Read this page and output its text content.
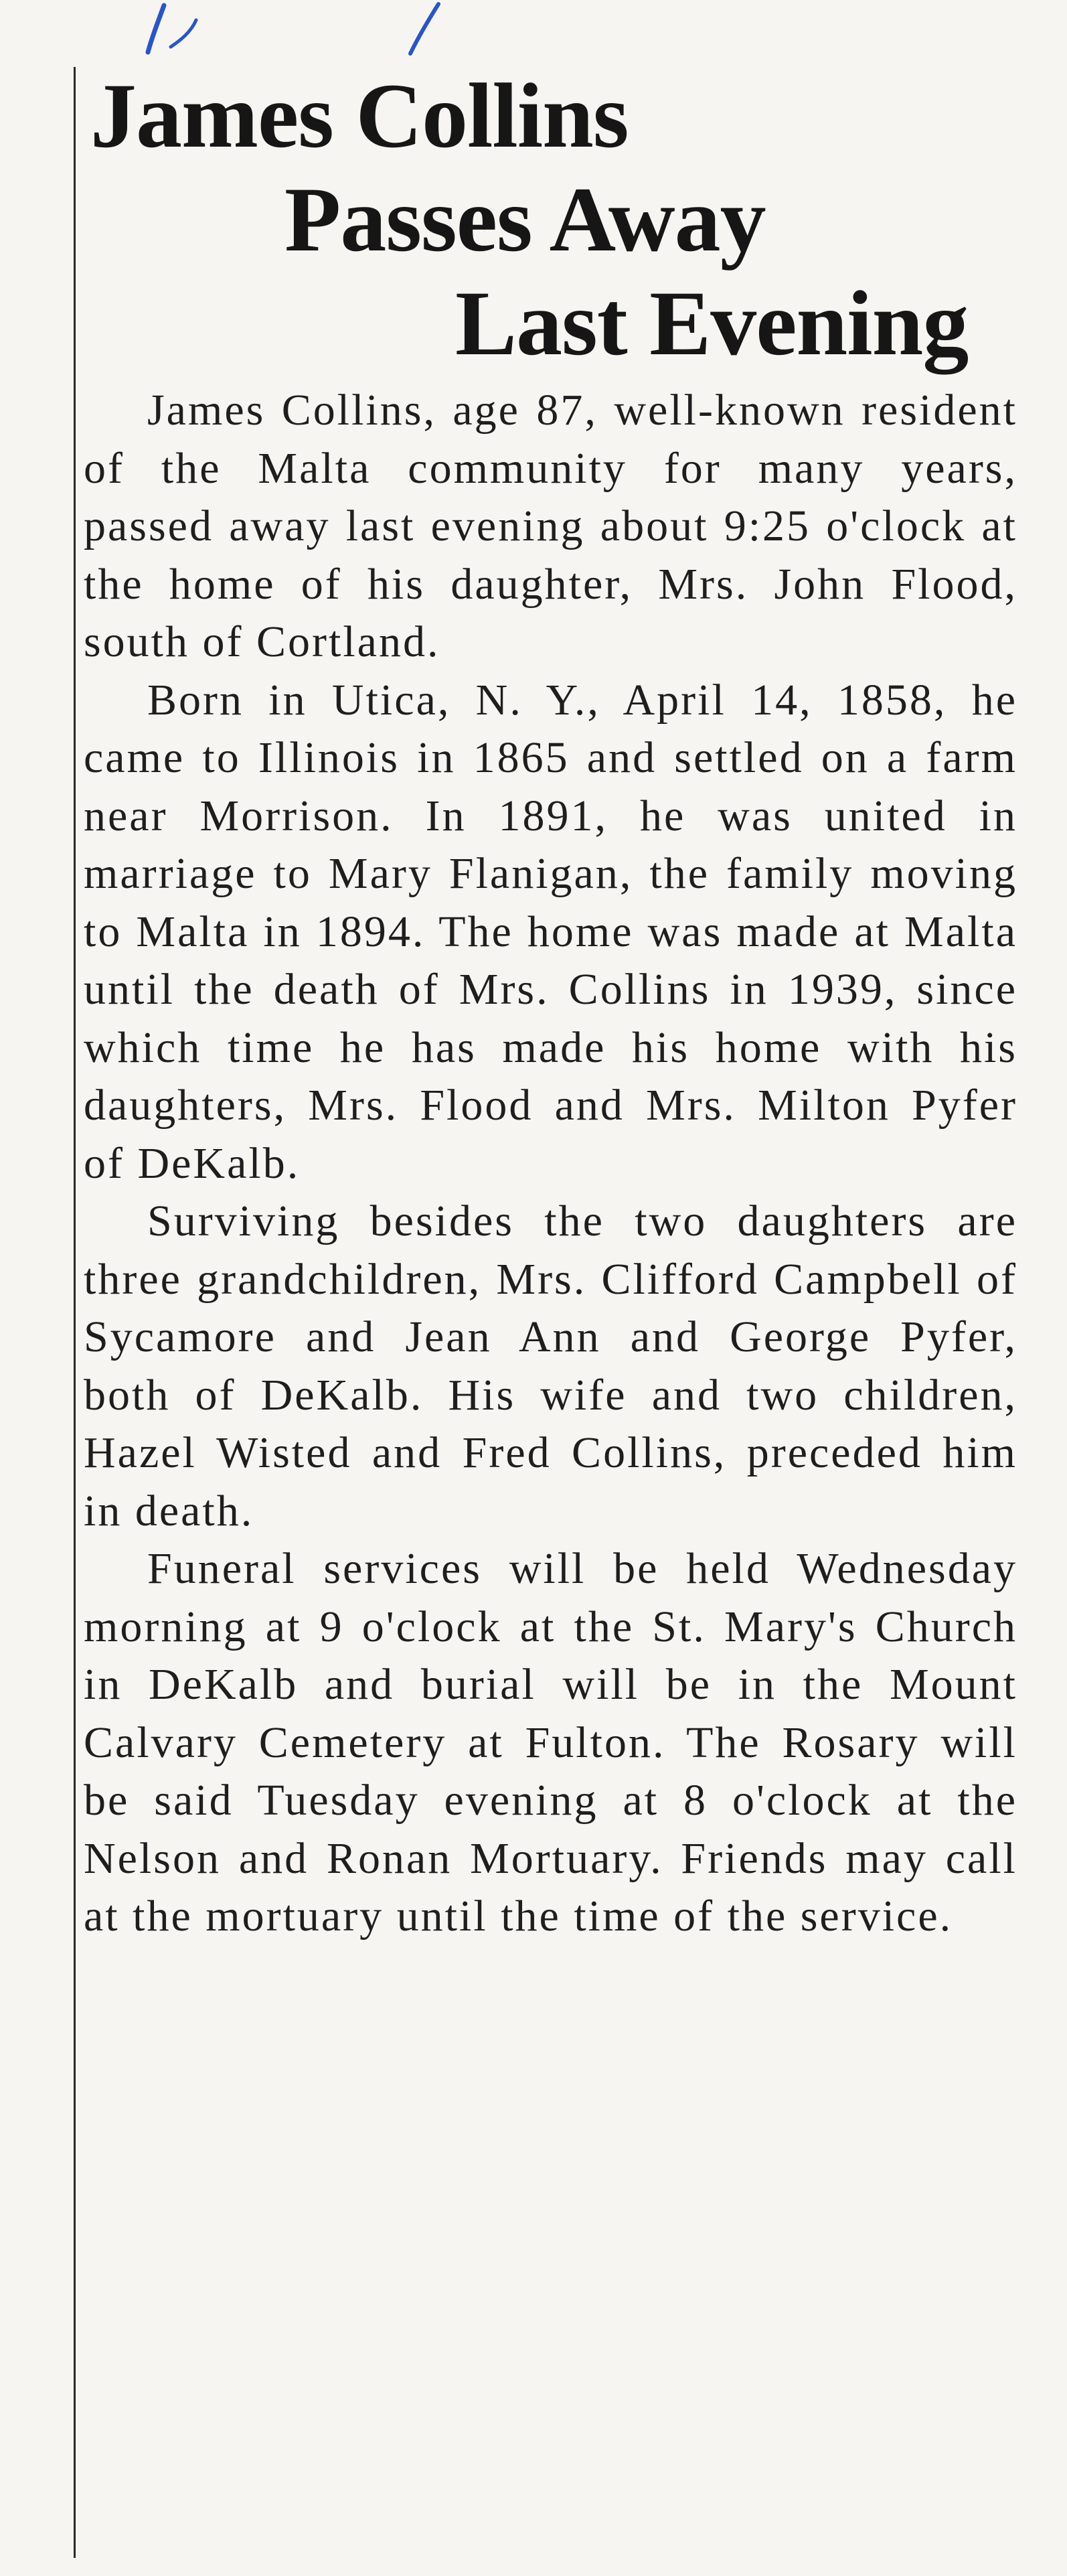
James Collins
Passes Away
Last Evening

James Collins, age 87, well-known resident of the Malta community for many years, passed away last evening about 9:25 o'clock at the home of his daughter, Mrs. John Flood, south of Cortland.

Born in Utica, N. Y., April 14, 1858, he came to Illinois in 1865 and settled on a farm near Morrison. In 1891, he was united in marriage to Mary Flanigan, the family moving to Malta in 1894. The home was made at Malta until the death of Mrs. Collins in 1939, since which time he has made his home with his daughters, Mrs. Flood and Mrs. Milton Pyfer of DeKalb.

Surviving besides the two daughters are three grandchildren, Mrs. Clifford Campbell of Sycamore and Jean Ann and George Pyfer, both of DeKalb. His wife and two children, Hazel Wisted and Fred Collins, preceded him in death.

Funeral services will be held Wednesday morning at 9 o'clock at the St. Mary's Church in DeKalb and burial will be in the Mount Calvary Cemetery at Fulton. The Rosary will be said Tuesday evening at 8 o'clock at the Nelson and Ronan Mortuary. Friends may call at the mortuary until the time of the service.
